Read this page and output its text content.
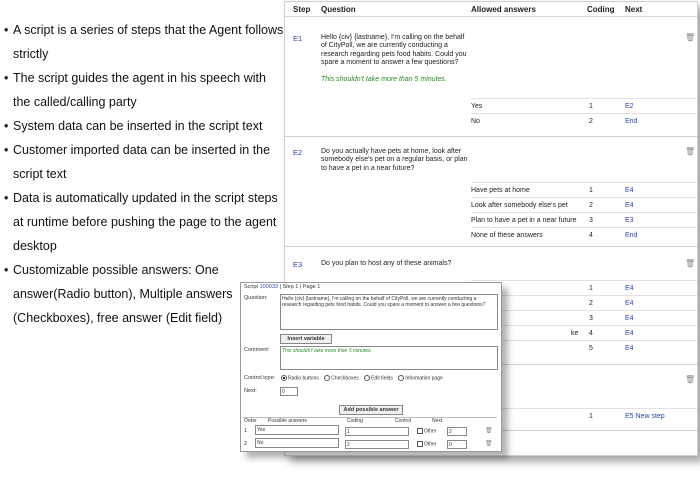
• A script is a series of steps that the Agent follows strictly
• The script guides the agent in his speech with the called/calling party
• System data can be inserted in the script text
• Customer imported data can be inserted in the script text
• Data is automatically updated in the script steps at runtime before pushing the page to the agent desktop
• Customizable possible answers: One answer(Radio button), Multiple answers (Checkboxes), free answer (Edit field)
Step Question	Allowed answers	Coding Next
E1	Hello {civ} {lastname}, I'm calling on the behalf of CityPoll, we are currently conducting a research regarding pets food habits. Could you spare a moment to answer a few questions?
This shouldn't take more than 5 minutes.
🗑
Yes	1	E2
No	2	End
E2	Do you actually have pets at home, look after somebody else's pet on a regular basis, or plan to have a pet in a near future?
🗑
Have pets at home	1	E4
Look after somebody else's pet	2	E4
Plan to have a pet in a near future 3	E3
None of these answers	4	End
E3	Do you plan to host any of these animals?	🗑
1	E4
2	E4
3	E4
ke 4	E4
5	E4
🗑
1	E5 New step
Script 100033 | Step 1 | Page 1
Question:	Hello {civ} {lastname}, I'm calling on the behalf of CityPoll, we are currently conducting a research regarding pets food habits. Could you spare a moment to answer a few questions?
Insert variable
Comment:	This shouldn't take more than 5 minutes.
Control type:	Radio buttons Checkboxes Edit fields Information page
Next:	0
Add possible answer
Order Possible answers	Coding	Control	Next
1	Yes	1	Other	2	🗑
2	No	2	Other	0	🗑
